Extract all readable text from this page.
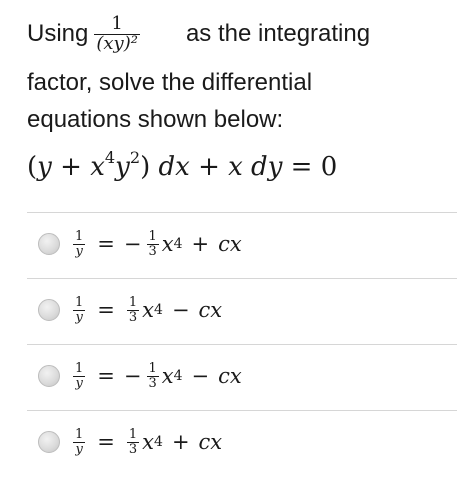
Using $\frac{1}{\text{(xy)²}}$ as the integrating
factor, solve the differential
equations shown below:
$(y + x^4y^2)$ dx + x dy = 0
$\frac{1}{y}$ = − $\frac{1}{3}$ x 4 + cx
$\frac{1}{y} = \frac{1}{3}$ x 4 − cx
$\frac{1}{y}$ = − $\frac{1}{3}$ x 4 − cx
$\frac{1}{y} = \frac{1}{3}$ x 4 + cx
